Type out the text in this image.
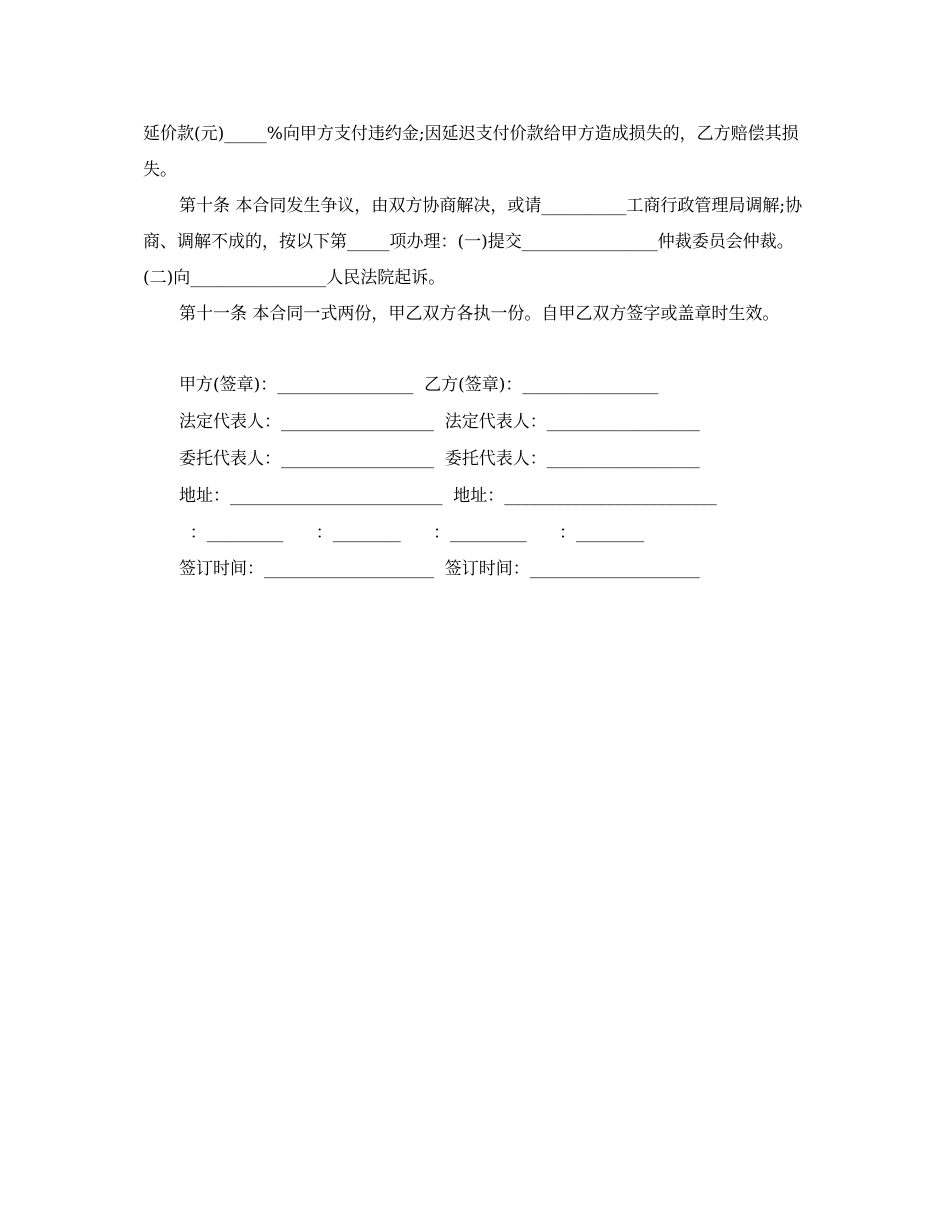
延价款(元)_____%向甲方支付违约金;因延迟支付价款给甲方造成损失的，乙方赔偿其损失。

第十条 本合同发生争议，由双方协商解决，或请__________工商行政管理局调解;协商、调解不成的，按以下第_____项办理：(一)提交________________仲裁委员会仲裁。(二)向________________人民法院起诉。

第十一条 本合同一式两份，甲乙双方各执一份。自甲乙双方签字或盖章时生效。

甲方(签章)：________________  乙方(签章)：________________
法定代表人：__________________  法定代表人：__________________
委托代表人：__________________  委托代表人：__________________
地址：_________________________  地址：_________________________
：_________      ：________      ：_________      ：________
签订时间：____________________  签订时间：____________________
